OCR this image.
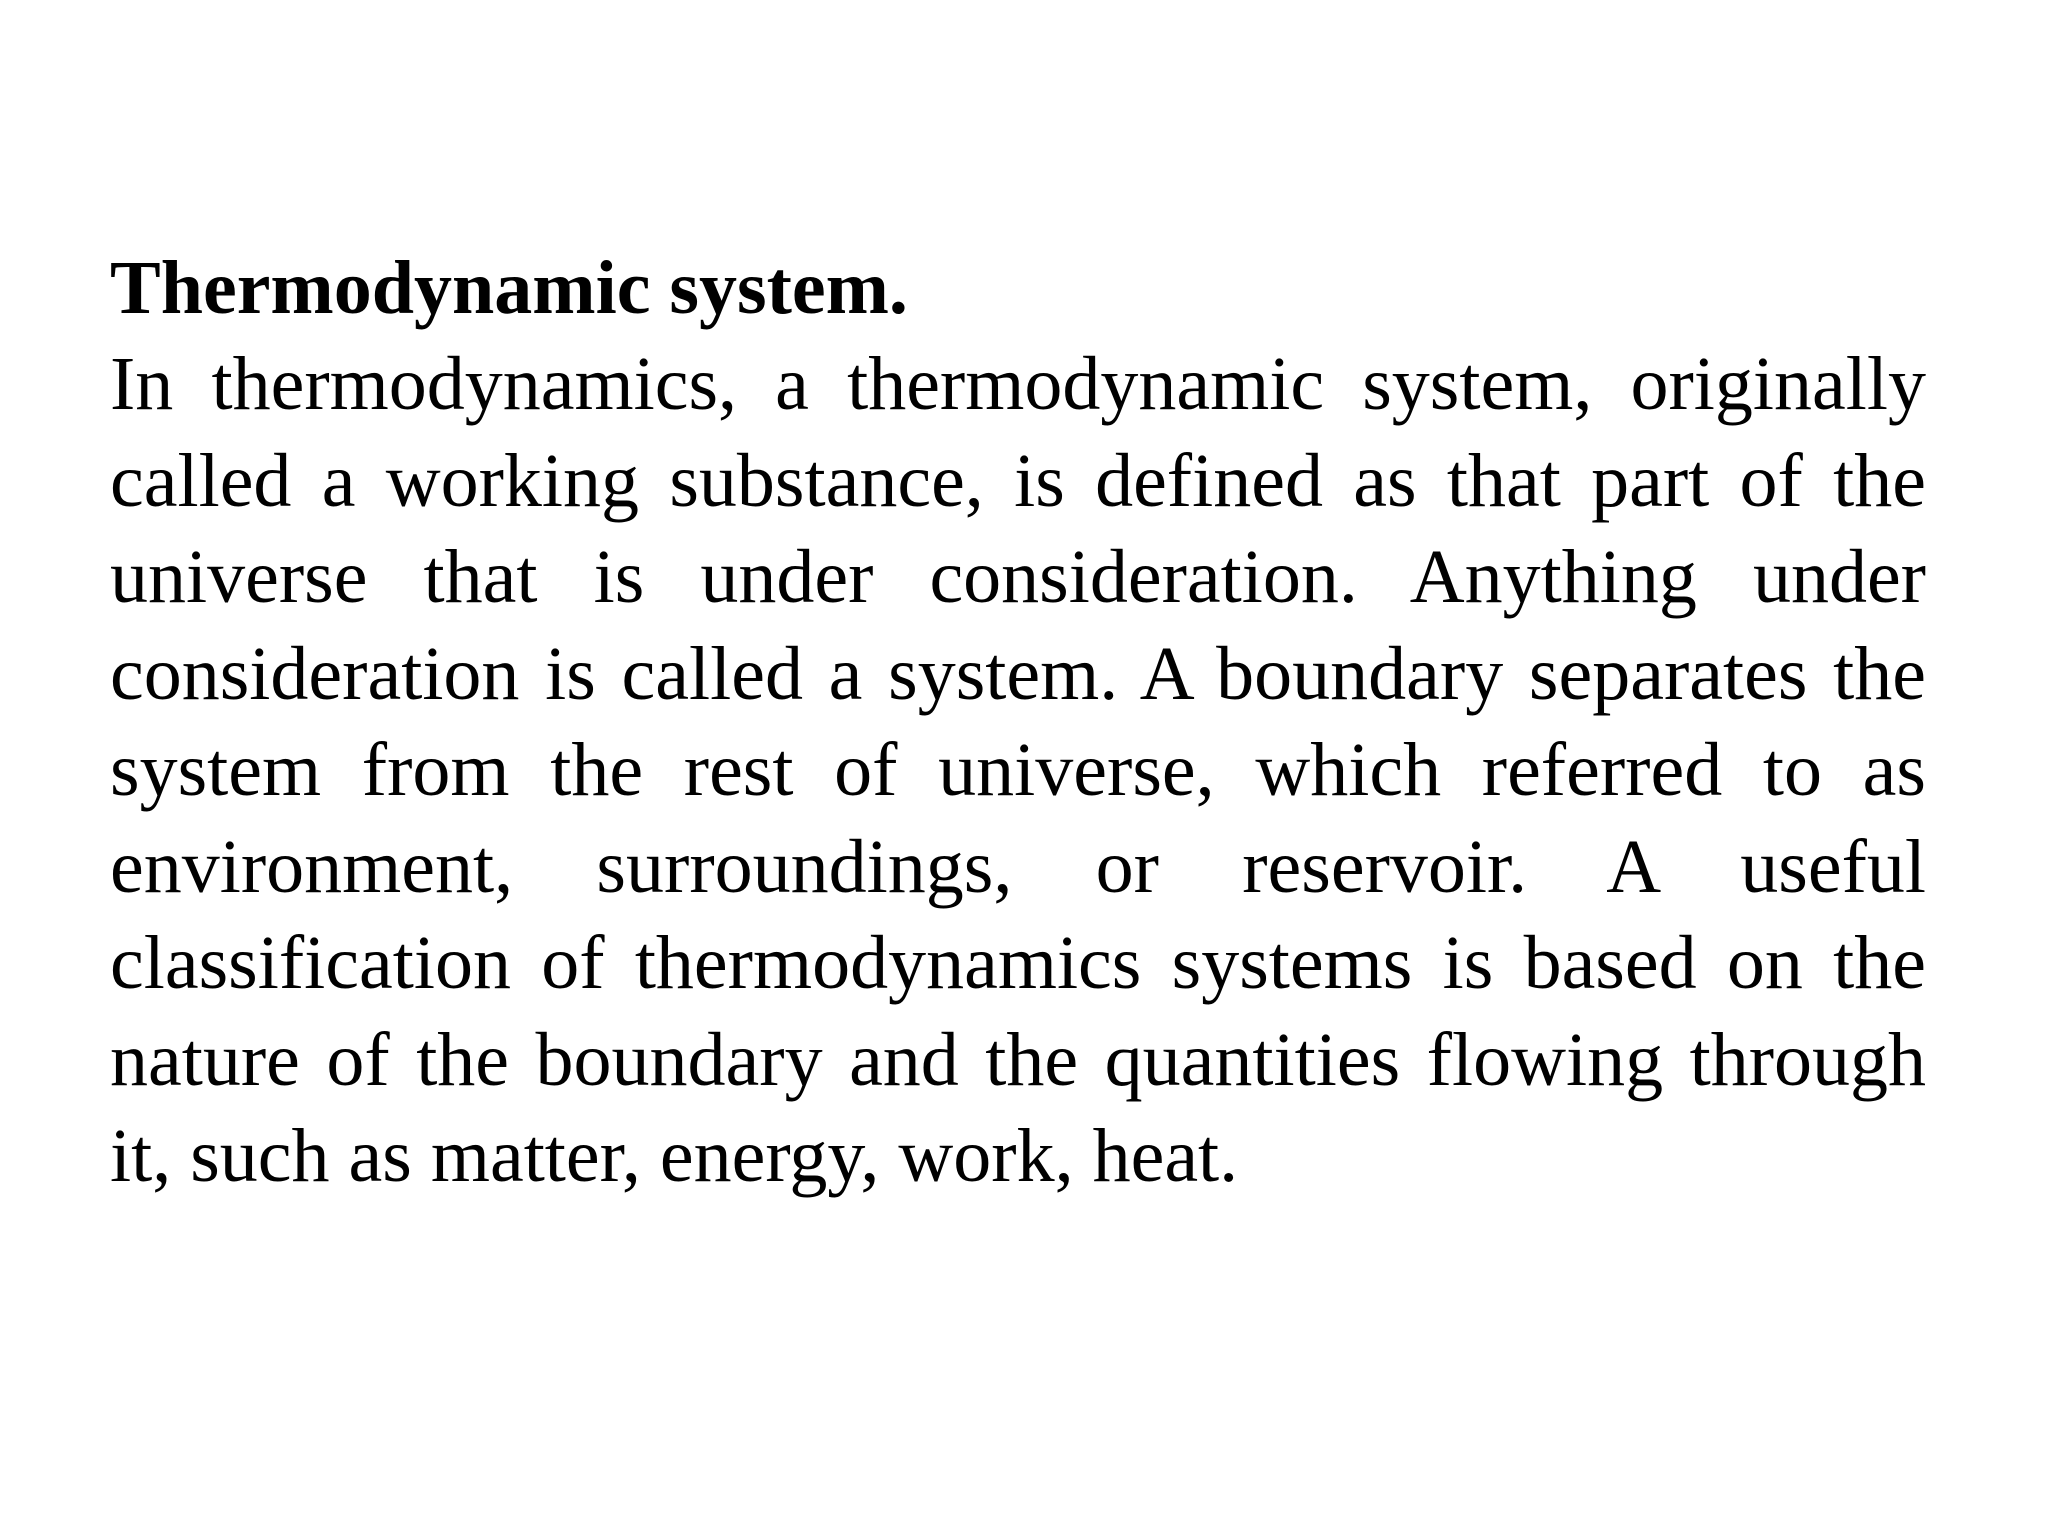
Thermodynamic system.

In thermodynamics, a thermodynamic system, originally called a working substance, is defined as that part of the universe that is under consideration. Anything under consideration is called a system. A boundary separates the system from the rest of universe, which referred to as environment, surroundings, or reservoir. A useful classification of thermodynamics systems is based on the nature of the boundary and the quantities flowing through it, such as matter, energy, work, heat.
